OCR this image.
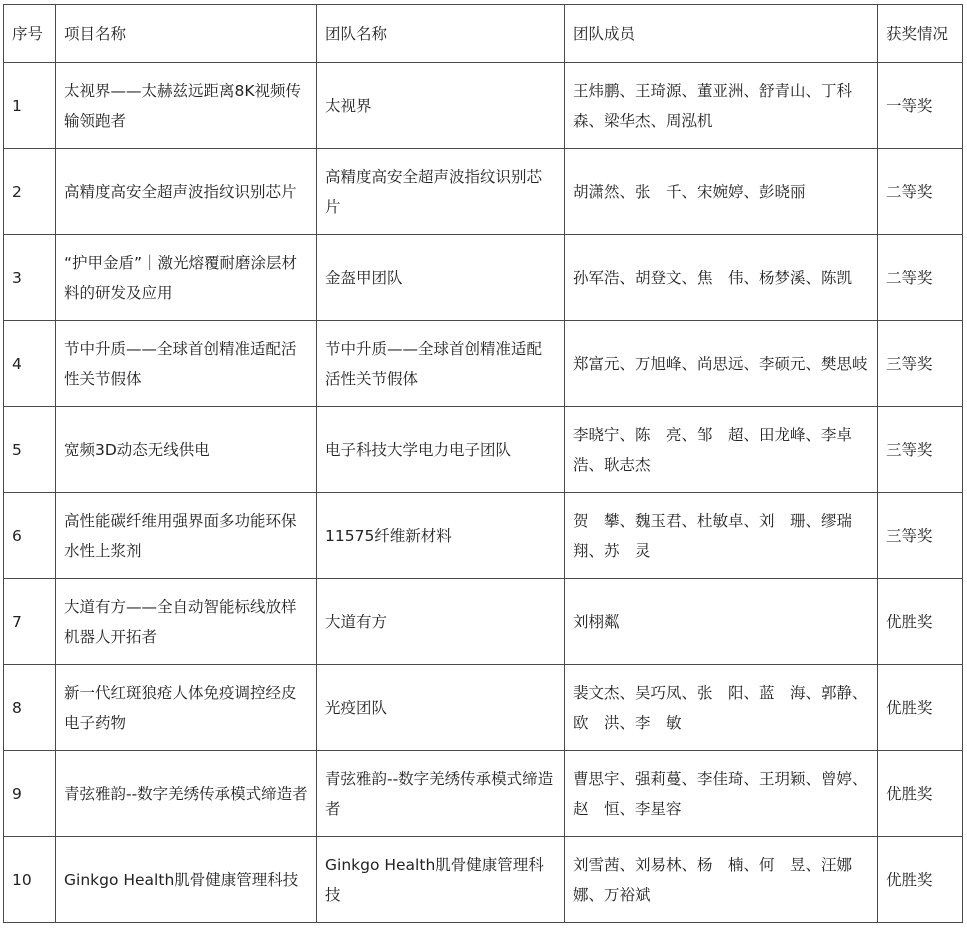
序号	项目名称	团队名称	团队成员	获奖情况
1	太视界——太赫兹远距离8K视频传输领跑者	太视界	王炜鹏、王琦源、董亚洲、舒青山、丁科森、梁华杰、周泓机	一等奖
2	高精度高安全超声波指纹识别芯片	高精度高安全超声波指纹识别芯片	胡潇然、张　千、宋婉婷、彭晓丽	二等奖
3	“护甲金盾”｜激光熔覆耐磨涂层材料的研发及应用	金盔甲团队	孙军浩、胡登文、焦　伟、杨梦溪、陈凯	二等奖
4	节中升质——全球首创精准适配活性关节假体	节中升质——全球首创精准适配活性关节假体	郑富元、万旭峰、尚思远、李硕元、樊思岐	三等奖
5	宽频3D动态无线供电	电子科技大学电力电子团队	李晓宁、陈　亮、邹　超、田龙峰、李卓浩、耿志杰	三等奖
6	高性能碳纤维用强界面多功能环保水性上浆剂	11575纤维新材料	贺　攀、魏玉君、杜敏卓、刘　珊、缪瑞翔、苏　灵	三等奖
7	大道有方——全自动智能标线放样机器人开拓者	大道有方	刘栩粼	优胜奖
8	新一代红斑狼疮人体免疫调控经皮电子药物	光疫团队	裴文杰、吴巧凤、张　阳、蓝　海、郭静、欧　洪、李　敏	优胜奖
9	青弦雅韵--数字羌绣传承模式缔造者	青弦雅韵--数字羌绣传承模式缔造者	曹思宇、强莉蔓、李佳琦、王玥颖、曾婷、赵　恒、李星容	优胜奖
10	Ginkgo Health肌骨健康管理科技	Ginkgo Health肌骨健康管理科技	刘雪茜、刘易林、杨　楠、何　昱、汪娜娜、万裕斌	优胜奖
